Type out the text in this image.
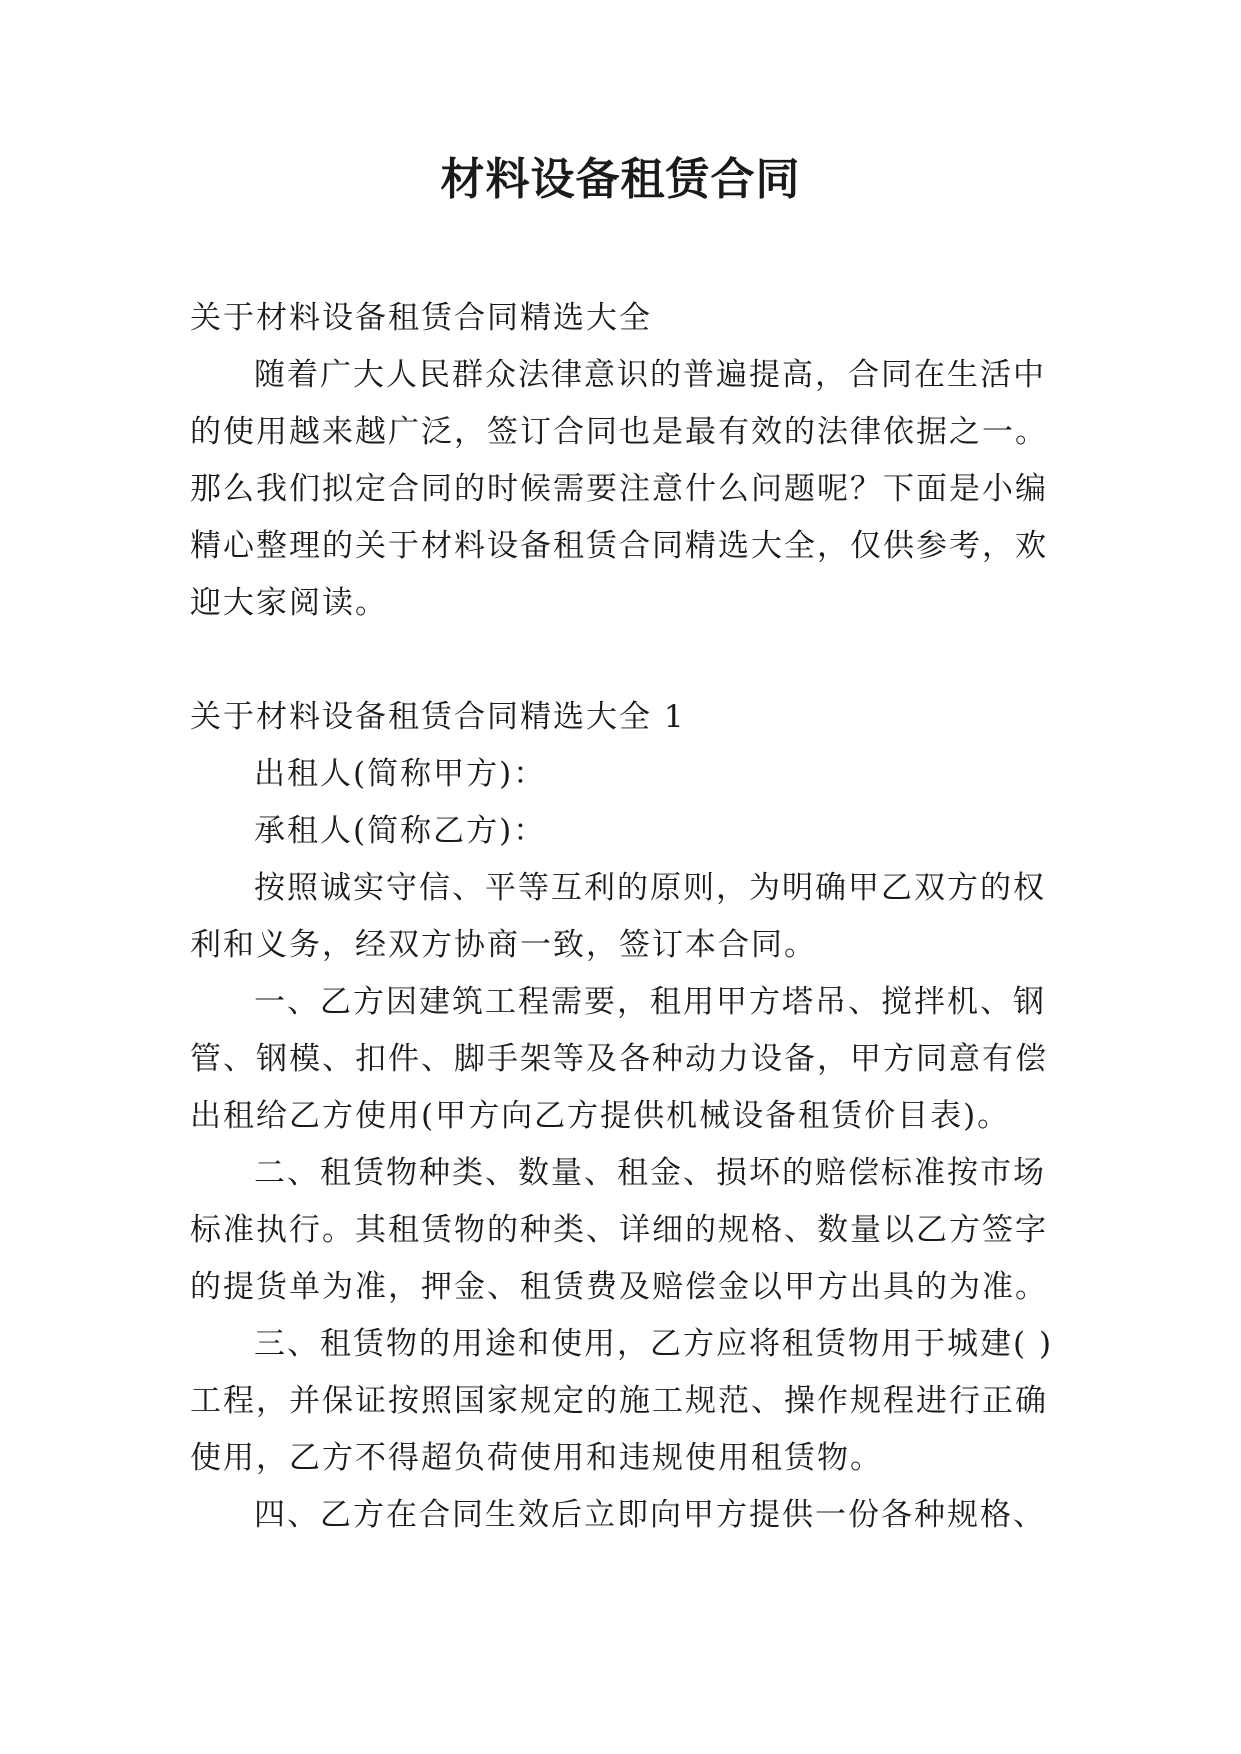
材料设备租赁合同

关于材料设备租赁合同精选大全

随着广大人民群众法律意识的普遍提高，合同在生活中的使用越来越广泛，签订合同也是最有效的法律依据之一。那么我们拟定合同的时候需要注意什么问题呢？下面是小编精心整理的关于材料设备租赁合同精选大全，仅供参考，欢迎大家阅读。

关于材料设备租赁合同精选大全 1

出租人(简称甲方)：

承租人(简称乙方)：

按照诚实守信、平等互利的原则，为明确甲乙双方的权利和义务，经双方协商一致，签订本合同。

一、乙方因建筑工程需要，租用甲方塔吊、搅拌机、钢管、钢模、扣件、脚手架等及各种动力设备，甲方同意有偿出租给乙方使用(甲方向乙方提供机械设备租赁价目表)。

二、租赁物种类、数量、租金、损坏的赔偿标准按市场标准执行。其租赁物的种类、详细的规格、数量以乙方签字的提货单为准，押金、租赁费及赔偿金以甲方出具的为准。

三、租赁物的用途和使用，乙方应将租赁物用于城建( )工程，并保证按照国家规定的施工规范、操作规程进行正确使用，乙方不得超负荷使用和违规使用租赁物。

四、乙方在合同生效后立即向甲方提供一份各种规格、
